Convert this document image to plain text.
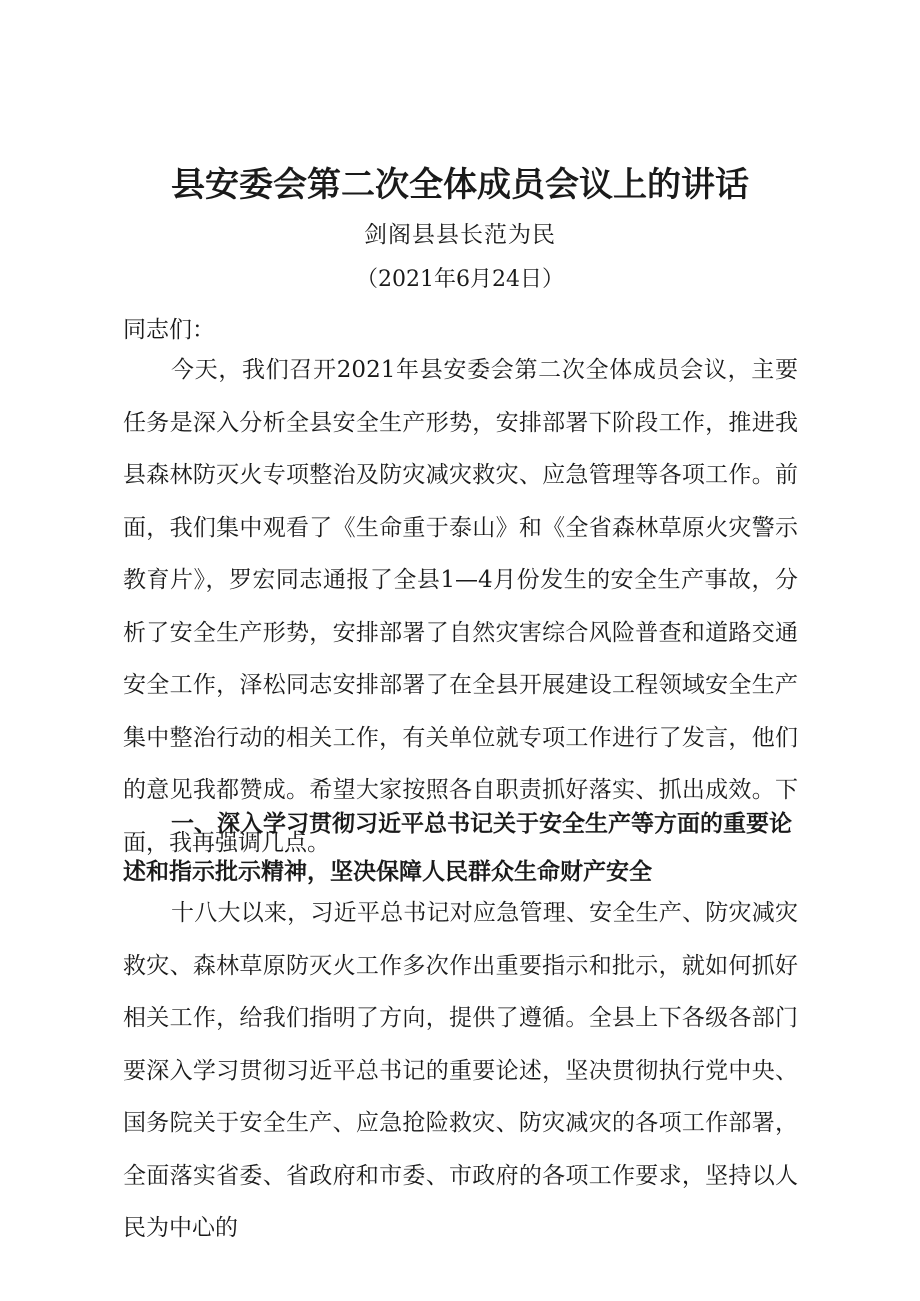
县安委会第二次全体成员会议上的讲话
剑阁县县长范为民
（2021年6月24日）
同志们：

今天，我们召开2021年县安委会第二次全体成员会议，主要任务是深入分析全县安全生产形势，安排部署下阶段工作，推进我县森林防灭火专项整治及防灾减灾救灾、应急管理等各项工作。前面，我们集中观看了《生命重于泰山》和《全省森林草原火灾警示教育片》，罗宏同志通报了全县1—4月份发生的安全生产事故，分析了安全生产形势，安排部署了自然灾害综合风险普查和道路交通安全工作，泽松同志安排部署了在全县开展建设工程领域安全生产集中整治行动的相关工作，有关单位就专项工作进行了发言，他们的意见我都赞成。希望大家按照各自职责抓好落实、抓出成效。下面，我再强调几点。

一、深入学习贯彻习近平总书记关于安全生产等方面的重要论述和指示批示精神，坚决保障人民群众生命财产安全

十八大以来，习近平总书记对应急管理、安全生产、防灾减灾救灾、森林草原防灭火工作多次作出重要指示和批示，就如何抓好相关工作，给我们指明了方向，提供了遵循。全县上下各级各部门要深入学习贯彻习近平总书记的重要论述，坚决贯彻执行党中央、国务院关于安全生产、应急抢险救灾、防灾减灾的各项工作部署，全面落实省委、省政府和市委、市政府的各项工作要求，坚持以人民为中心的
